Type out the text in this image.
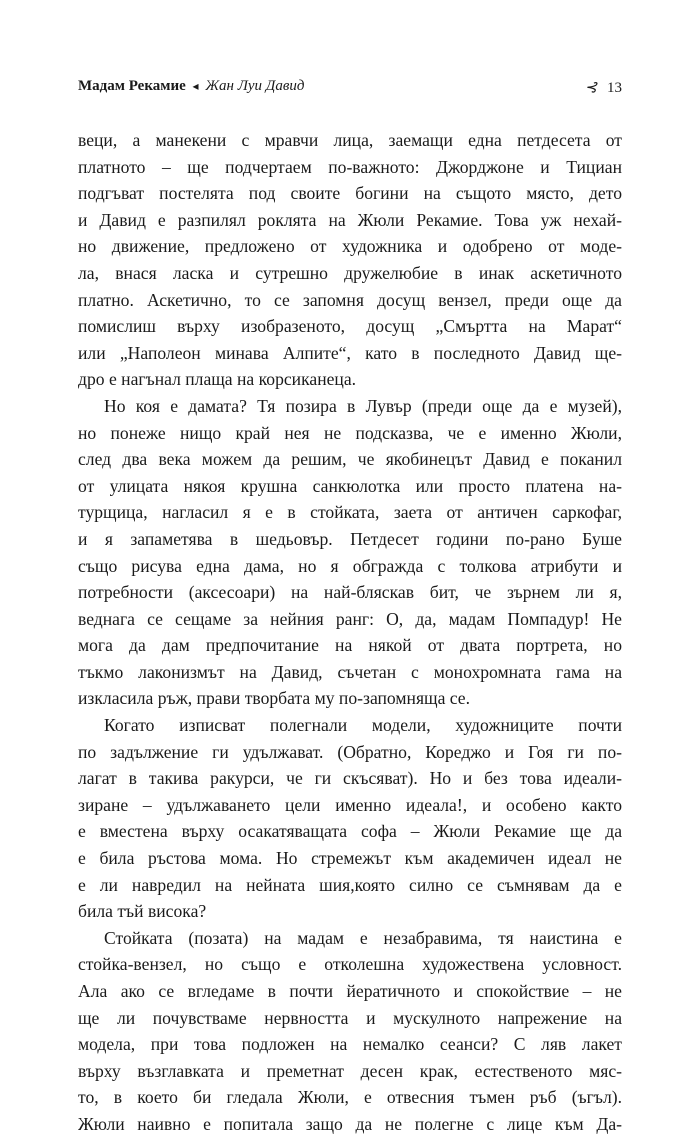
Мадам Рекамие ◂ Жан Луи Давид	⊰ 13
веци, а манекени с мравчи лица, заемащи една петдесета от
платното – ще подчертаем по-важното: Джорджоне и Тициан
подгъват постелята под своите богини на същото място, дето
и Давид е разпилял роклята на Жюли Рекамие. Това уж нехай-
но движение, предложено от художника и одобрено от моде-
ла, внася ласка и сутрешно дружелюбие в инак аскетичното
платно. Аскетично, то се запомня досущ вензел, преди още да
помислиш върху изобразеното, досущ „Смъртта на Марат“
или „Наполеон минава Алпите“, като в последното Давид ще-
дро е нагънал плаща на корсиканеца.
Но коя е дамата? Тя позира в Лувър (преди още да е музей),
но понеже нищо край нея не подсказва, че е именно Жюли,
след два века можем да решим, че якобинецът Давид е поканил
от улицата някоя крушна санкюлотка или просто платена на-
турщица, нагласил я е в стойката, заета от античен саркофаг,
и я запаметява в шедьовър. Петдесет години по-рано Буше
също рисува една дама, но я обгражда с толкова атрибути и
потребности (аксесоари) на най-бляскав бит, че зърнем ли я,
веднага се сещаме за нейния ранг: О, да, мадам Помпадур! Не
мога да дам предпочитание на някой от двата портрета, но
тъкмо лаконизмът на Давид, съчетан с монохромната гама на
изкласила ръж, прави творбата му по-запомняща се.
Когато изписват полегнали модели, художниците почти
по задължение ги удължават. (Обратно, Кореджо и Гоя ги по-
лагат в такива ракурси, че ги скъсяват). Но и без това идеали-
зиране – удължаването цели именно идеала!, и особено както
е вместена върху осакатяващата софа – Жюли Рекамие ще да
е била ръстова мома. Но стремежът към академичен идеал не
е ли навредил на нейната шия,която силно се съмнявам да е
била тъй висока?
Стойката (позата) на мадам е незабравима, тя наистина е
стойка-вензел, но също е отколешна художествена условност.
Ала ако се вгледаме в почти йератичното и спокойствие – не
ще ли почувстваме нервността и мускулното напрежение на
модела, при това подложен на немалко сеанси? С ляв лакет
върху възглавката и преметнат десен крак, естественото мяс-
то, в което би гледала Жюли, е отвесния тъмен ръб (ъгъл).
Жюли наивно е попитала защо да не полегне с лице към Да-
